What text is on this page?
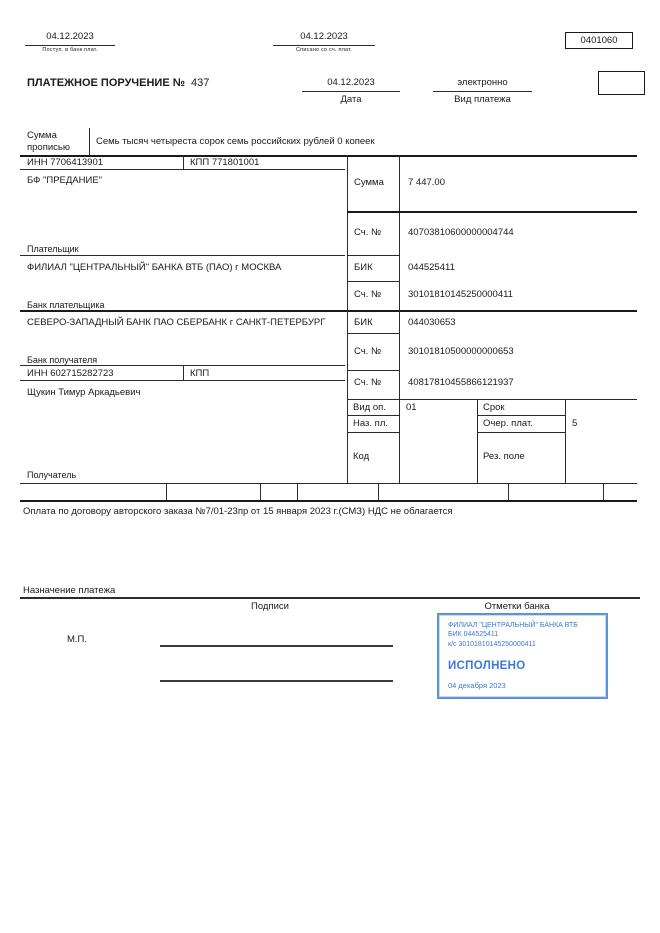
04.12.2023
Поступ. в банк плат.
04.12.2023
Списано со сч. плат.
0401060
ПЛАТЕЖНОЕ ПОРУЧЕНИЕ № 437	04.12.2023
Дата
электронно
Вид платежа
Сумма прописью
Семь тысяч четыреста сорок семь российских рублей 0 копеек
ИНН 7706413901	КПП 771801001
БФ "ПРЕДАНИЕ"
Плательщик
ФИЛИАЛ "ЦЕНТРАЛЬНЫЙ" БАНКА ВТБ (ПАО) г МОСКВА
Банк плательщика
СЕВЕРО-ЗАПАДНЫЙ БАНК ПАО СБЕРБАНК г САНКТ-ПЕТЕРБУРГ
Банк получателя
ИНН 602715282723	КПП
Щукин Тимур Аркадьевич
Получатель
Сумма	7 447.00
Сч. №	40703810600000004744
БИК	044525411
Сч. №	30101810145250000411
БИК	044030653
Сч. №	30101810500000000653
Сч. №	40817810455866121937
Вид оп. 01	Срок
Наз. пл.	Очер. плат.	5
Код	Рез. поле
Оплата по договору авторского заказа №7/01-23пр от 15 января 2023 г.(СМЗ) НДС не облагается
Назначение платежа
Подписи	Отметки банка
М.П.
ФИЛИАЛ "ЦЕНТРАЛЬНЫЙ" БАНКА ВТБ
БИК 044525411
к/с 30101810145250000411
ИСПОЛНЕНО
04 декабря 2023
